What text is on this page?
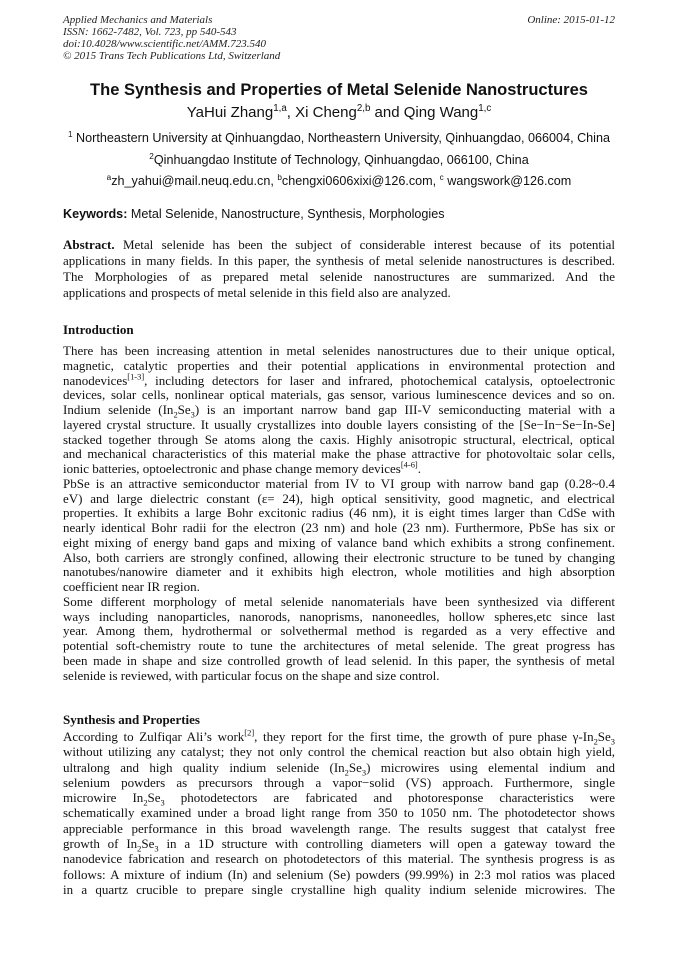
Applied Mechanics and Materials
ISSN: 1662-7482, Vol. 723, pp 540-543
doi:10.4028/www.scientific.net/AMM.723.540
© 2015 Trans Tech Publications Ltd, Switzerland
Online: 2015-01-12
The Synthesis and Properties of Metal Selenide Nanostructures
YaHui Zhang$^{1,a}$, Xi Cheng$^{2,b}$ and Qing Wang$^{1,c}$
$^1$ Northeastern University at Qinhuangdao, Northeastern University, Qinhuangdao, 066004, China
$^2$Qinhuangdao Institute of Technology, Qinhuangdao, 066100, China
$^a$zh_yahui@mail.neuq.edu.cn, $^b$chengxi0606xixi@126.com, $^c$ wangswork@126.com
Keywords: Metal Selenide, Nanostructure, Synthesis, Morphologies
Abstract. Metal selenide has been the subject of considerable interest because of its potential
applications in many fields. In this paper, the synthesis of metal selenide nanostructures is described.
The Morphologies of as prepared metal selenide nanostructures are summarized. And the
applications and prospects of metal selenide in this field also are analyzed.
Introduction
There has been increasing attention in metal selenides nanostructures due to their unique optical,
magnetic, catalytic properties and their potential applications in environmental protection and
nanodevices[1-3], including detectors for laser and infrared, photochemical catalysis, optoelectronic
devices, solar cells, nonlinear optical materials, gas sensor, various luminescence devices and so on.
Indium selenide $(In_2Se_3)$ is an important narrow band gap III-V semiconducting material with a
layered crystal structure. It usually crystallizes into double layers consisting of the [Se−In−Se−In-Se]
stacked together through Se atoms along the caxis. Highly anisotropic structural, electrical, optical
and mechanical characteristics of this material make the phase attractive for photovoltaic solar cells,
ionic batteries, optoelectronic and phase change memory devices[4-6].
PbSe is an attractive semiconductor material from IV to VI group with narrow band gap (0.28~0.4
eV) and large dielectric constant (ε= 24), high optical sensitivity, good magnetic, and electrical
properties. It exhibits a large Bohr excitonic radius (46 nm), it is eight times larger than CdSe with
nearly identical Bohr radii for the electron (23 nm) and hole (23 nm). Furthermore, PbSe has six or
eight mixing of energy band gaps and mixing of valance band which exhibits a strong confinement.
Also, both carriers are strongly confined, allowing their electronic structure to be tuned by changing
nanotubes/nanowire diameter and it exhibits high electron, whole motilities and high absorption
coefficient near IR region.
Some different morphology of metal selenide nanomaterials have been synthesized via different
ways including nanoparticles, nanorods, nanoprisms, nanoneedles, hollow spheres,etc since last
year. Among them, hydrothermal or solvethermal method is regarded as a very effective and
potential soft-chemistry route to tune the architectures of metal selenide. The great progress has
been made in shape and size controlled growth of lead selenid. In this paper, the synthesis of metal
selenide is reviewed, with particular focus on the shape and size control.
Synthesis and Properties
According to Zulfiqar Ali’s work[2], they report for the first time, the growth of pure phase $\gamma-In_2Se_3$
without utilizing any catalyst; they not only control the chemical reaction but also obtain high yield,
ultralong and high quality indium selenide $(In_2Se_3)$ microwires using elemental indium and
selenium powders as precursors through a vapor−solid (VS) approach. Furthermore, single
microwire $In_2Se_3$ photodetectors are fabricated and photoresponse characteristics were
schematically examined under a broad light range from 350 to 1050 nm. The photodetector shows
appreciable performance in this broad wavelength range. The results suggest that catalyst free
growth of $In_2Se_3$ in a 1D structure with controlling diameters will open a gateway toward the
nanodevice fabrication and research on photodetectors of this material. The synthesis progress is as
follows: A mixture of indium (In) and selenium (Se) powders (99.99%) in 2:3 mol ratios was placed
in a quartz crucible to prepare single crystalline high quality indium selenide microwires. The
